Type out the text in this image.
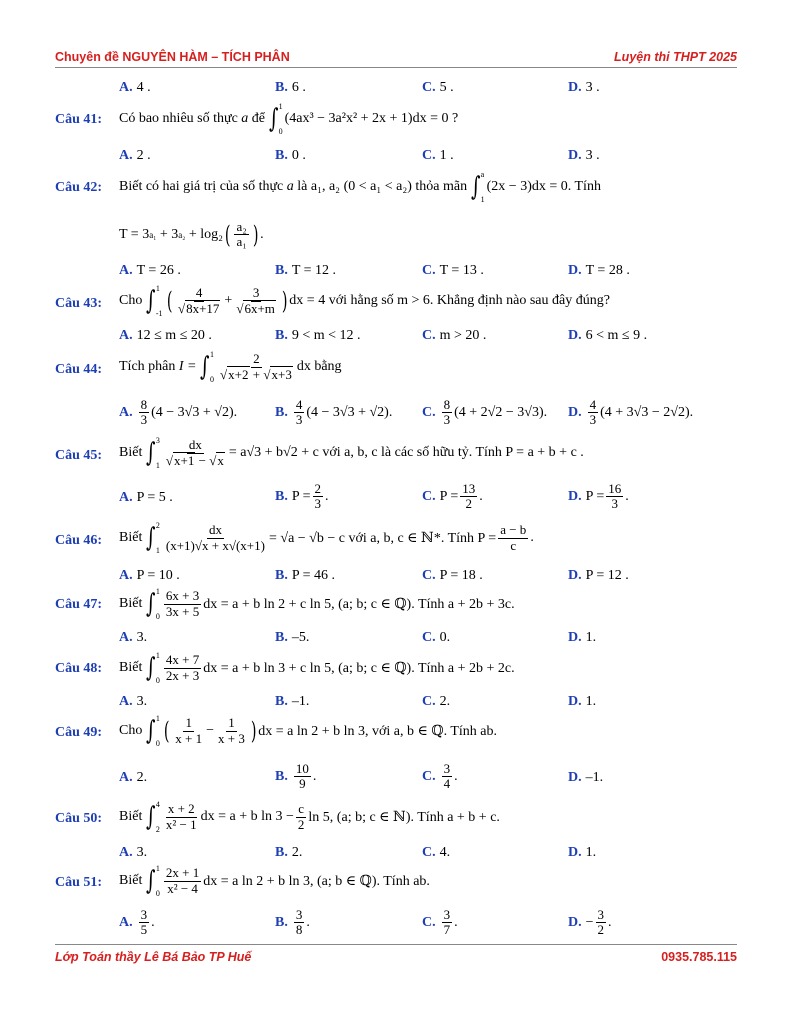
Chuyên đề NGUYÊN HÀM – TÍCH PHÂN	Luyện thi THPT 2025
A. 4 .	B. 6 .	C. 5 .	D. 3 .
Câu 41: Có bao nhiêu số thực
a
để ∫ 1
0
(4ax³ − 3a²x² + 2x + 1)dx = 0 ?
A. 2 .	B. 0 .	C. 1 .	D. 3 .
Câu 42: Biết có hai giá trị của số thực
a
là
a₁, a₂ (0 < a₁ < a₂)
thỏa mãn ∫ a
1
(2x − 3)dx = 0. Tính
T = 3 a₁
+ 3 a₂
+ log₂ ( $\frac{\text{a₂}}{\text{a₁}}$ ) .
A. T = 26 .	B. T = 12 .	C. T = 13 .	D. T = 28 .
Câu 43: Cho ∫ 1
-1 ( $\frac{4}{√8x+17} + \frac{3}{√6x+m}$ ) dx = 4 với hằng số m > 6. Khẳng định nào sau đây đúng?
A. 12 ≤ m ≤ 20 .	B. 9 < m < 12 .	C. m > 20 .	D. 6 < m ≤ 9 .
Câu 44: Tích phân
I = ∫ 1
$0 \frac{2}{√x+2 + √x+3}$ dx bằng
A. $\frac{8}{3} (4 - 3√3 + √2)$.	B. $\frac{4}{3} (4 - 3√3 + √2)$. C. $\frac{8}{3} (4 + 2√2 - 3√3)$. D. $\frac{4}{3} (4 + 3√3 - 2√2)$.
Câu 45: Biết ∫ 3
$1 \frac{dx}{√x+1 - √x} = a√3 + b√2 + c$ với a, b, c là các số hữu tỷ. Tính P = a + b + c .
A. P = 5 .	B. $P = \frac{2}{3}$ .	C. $P = \frac{13}{2}$ .	D. $P = \frac{16}{3}$ .
Câu 46: Biết ∫ 2
$1 \frac{dx}{(x+1)√x + x√(x+1)} = √a - √b - c$ với a, b, c ∈ ℕ*. Tính $P = \frac{a - b}{c}$ .
A. P = 10 .	B. P = 46 .	C. P = 18 .	D. P = 12 .
Câu 47: Biết ∫ 1
$0 \frac{6x + 3}{3x + 5}$ dx = a + b ln 2 + c ln 5, (a; b; c ∈ ℚ). Tính a + 2b + 3c.
A. 3.	B. –5.	C. 0.	D. 1.
Câu 48: Biết ∫ 1
$0 \frac{4x + 7}{2x + 3}$ dx = a + b ln 3 + c ln 5, (a; b; c ∈ ℚ). Tính a + 2b + 2c.
A. 3.	B. –1.	C. 2.	D. 1.
Câu 49: Cho ∫ 1
0 ( $\frac{1}{x + 1} - \frac{1}{x + 3}$ ) dx = a ln 2 + b ln 3, với a, b ∈ ℚ. Tính ab.
A. 2.	B. $\frac{10}{9}$ .	C. $\frac{3}{4}$ .	D. –1.
Câu 50: Biết ∫ 4
$2 \frac{x + 2}{\text{x² − 1}}$ dx = a + b $\ln 3 - \frac{c}{2}$ ln 5, (a; b; c ∈ ℕ). Tính a + b + c.
A. 3.	B. 2.	C. 4.	D. 1.
Câu 51: Biết ∫ 1
$0 \frac{2x + 1}{\text{x² − 4}}$ dx = a ln 2 + b ln 3, (a; b ∈ ℚ). Tính ab.
A. $\frac{3}{5}$ .	B. $\frac{3}{8}$ .	C. $\frac{3}{7}$ .	D. − $\frac{3}{2}$ .
Lớp Toán thầy Lê Bá Bảo TP Huế	0935.785.115
